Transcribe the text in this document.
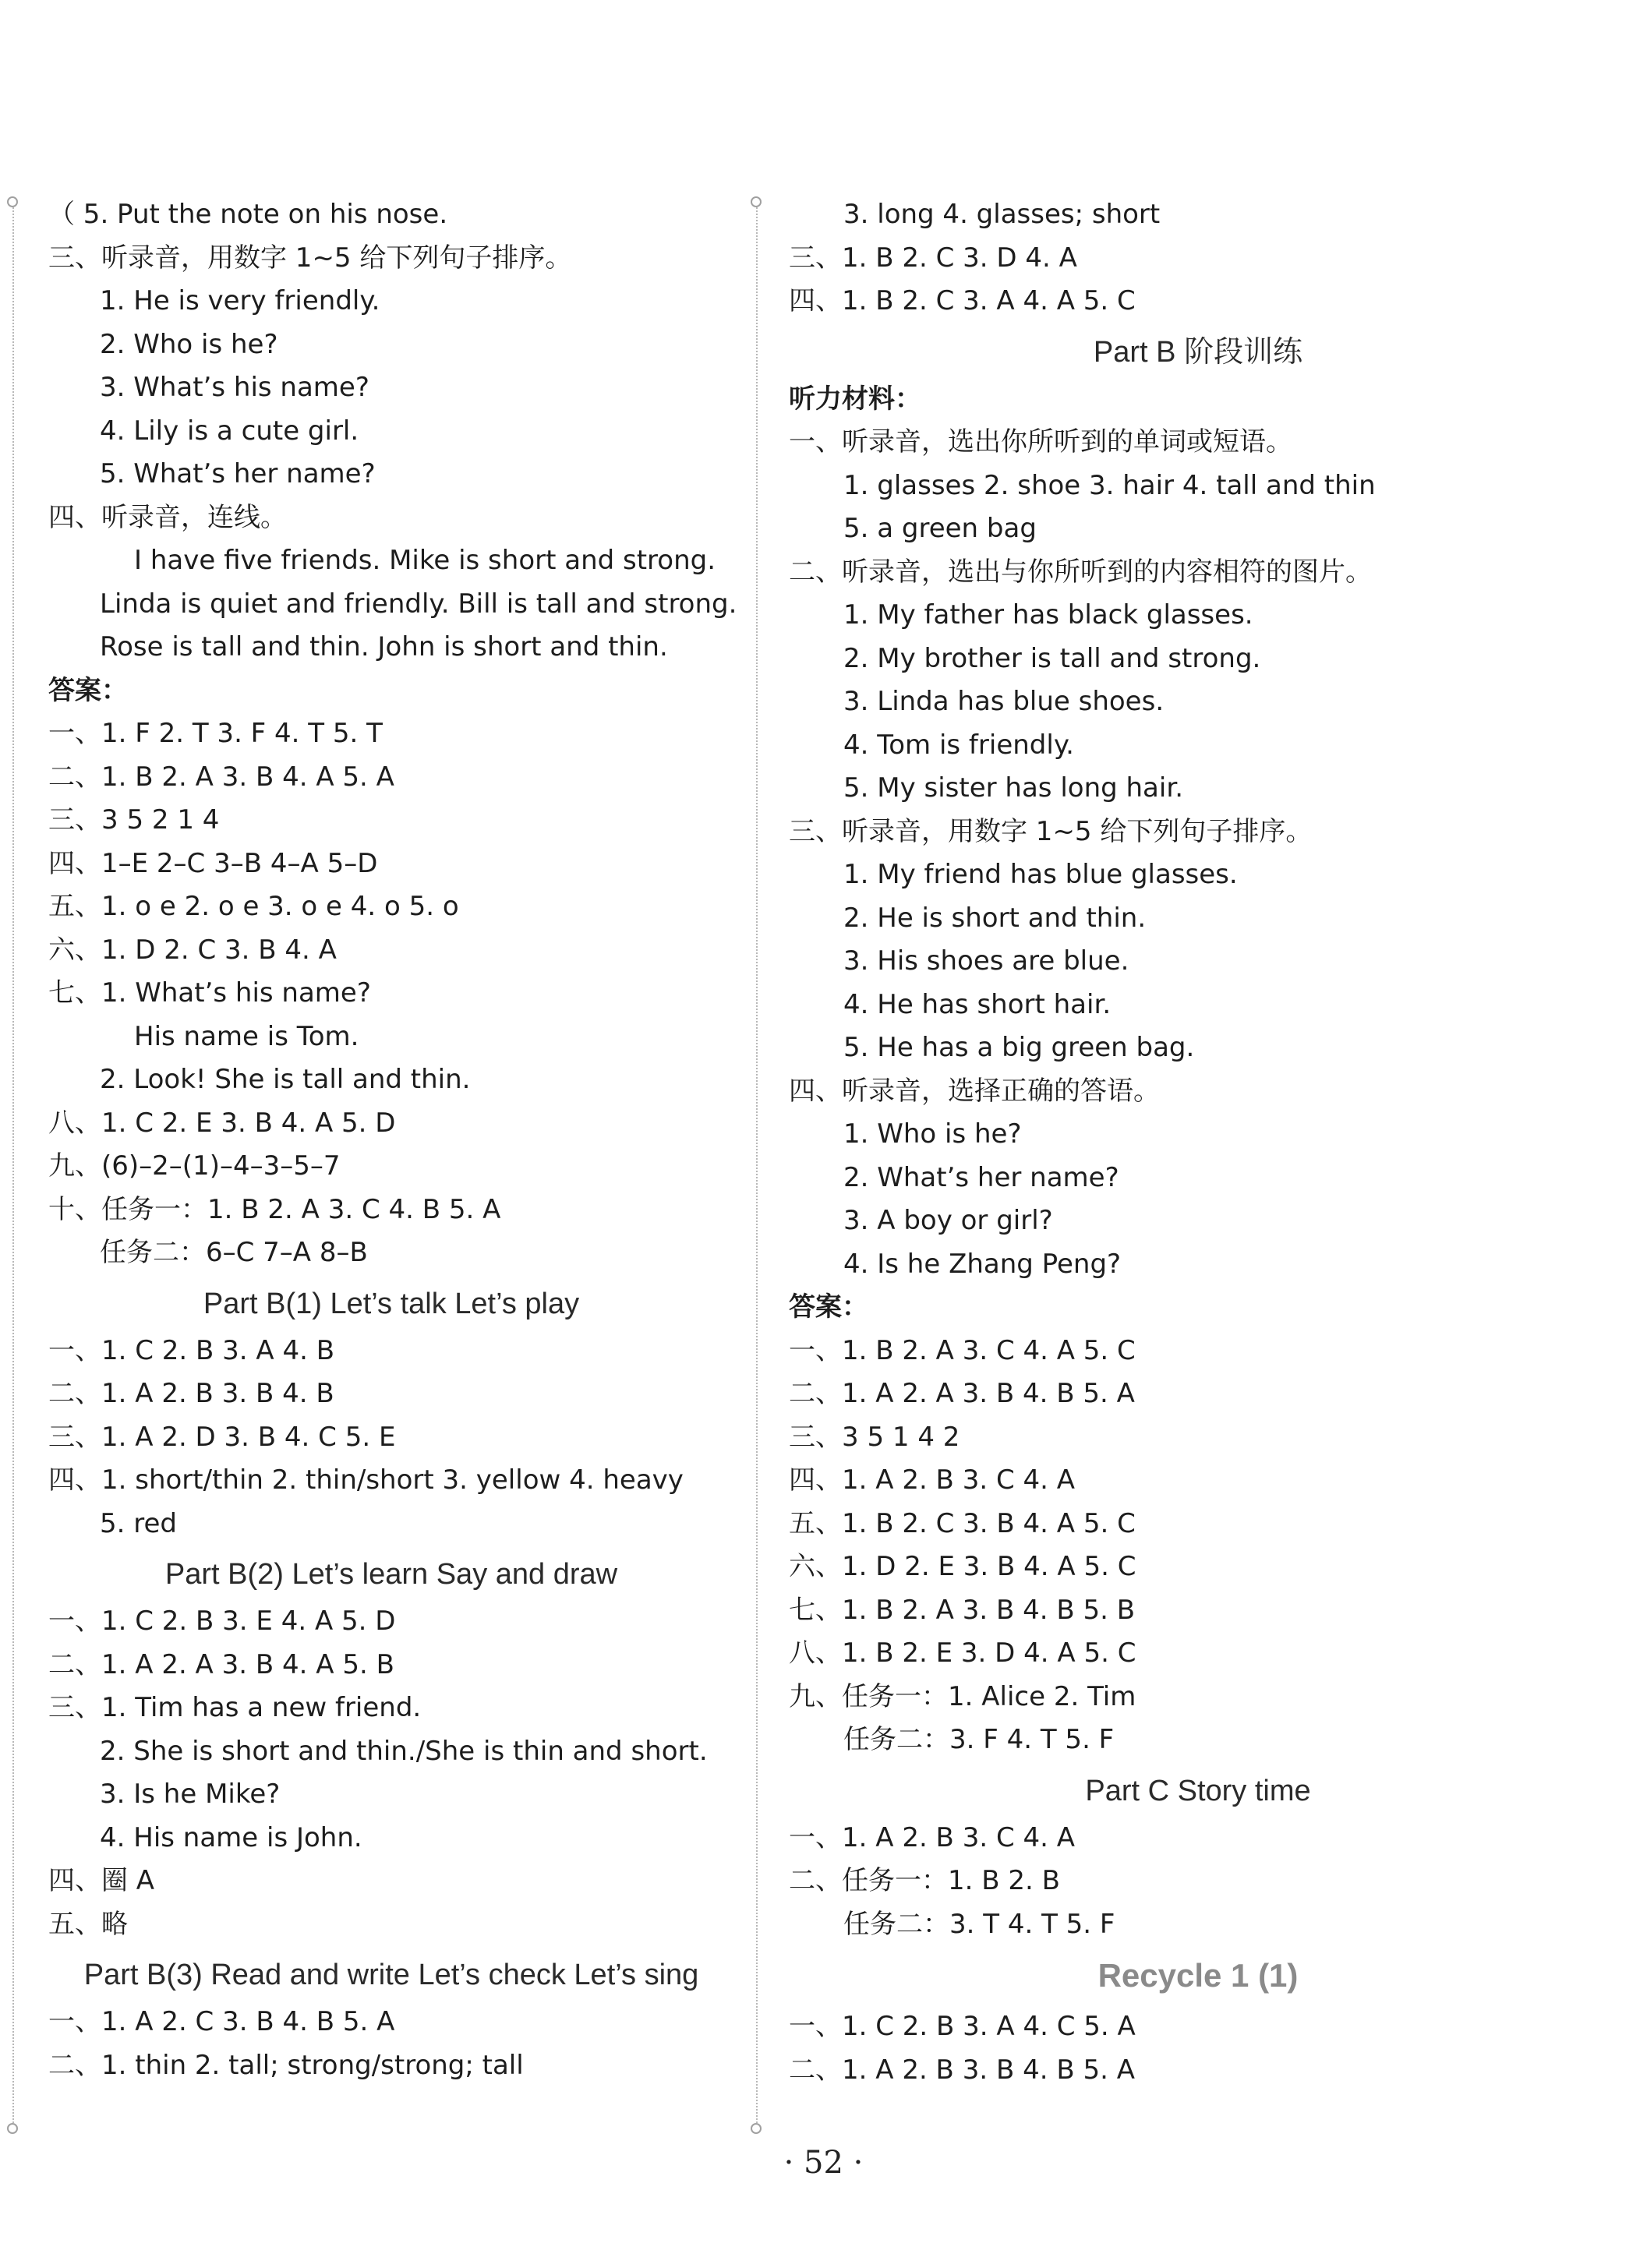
（ 5. Put the note on his nose.
三、听录音，用数字 1~5 给下列句子排序。
1. He is very friendly.
2. Who is he?
3. What’s his name?
4. Lily is a cute girl.
5. What’s her name?
四、听录音，连线。
I have five friends. Mike is short and strong.
Linda is quiet and friendly. Bill is tall and strong.
Rose is tall and thin. John is short and thin.
答案：
一、1. F 2. T 3. F 4. T 5. T
二、1. B 2. A 3. B 4. A 5. A
三、3 5 2 1 4
四、1–E 2–C 3–B 4–A 5–D
五、1. o e 2. o e 3. o e 4. o 5. o
六、1. D 2. C 3. B 4. A
七、1. What’s his name?
His name is Tom.
2. Look! She is tall and thin.
八、1. C 2. E 3. B 4. A 5. D
九、(6)–2–(1)–4–3–5–7
十、任务一：1. B 2. A 3. C 4. B 5. A
任务二：6–C 7–A 8–B
Part B(1) Let’s talk Let’s play
一、1. C 2. B 3. A 4. B
二、1. A 2. B 3. B 4. B
三、1. A 2. D 3. B 4. C 5. E
四、1. short/thin 2. thin/short 3. yellow 4. heavy
5. red
Part B(2) Let’s learn Say and draw
一、1. C 2. B 3. E 4. A 5. D
二、1. A 2. A 3. B 4. A 5. B
三、1. Tim has a new friend.
2. She is short and thin./She is thin and short.
3. Is he Mike?
4. His name is John.
四、圈 A
五、略
Part B(3) Read and write Let’s check Let’s sing
一、1. A 2. C 3. B 4. B 5. A
二、1. thin 2. tall; strong/strong; tall
3. long 4. glasses; short
三、1. B 2. C 3. D 4. A
四、1. B 2. C 3. A 4. A 5. C
Part B 阶段训练
听力材料：
一、听录音，选出你所听到的单词或短语。
1. glasses 2. shoe 3. hair 4. tall and thin
5. a green bag
二、听录音，选出与你所听到的内容相符的图片。
1. My father has black glasses.
2. My brother is tall and strong.
3. Linda has blue shoes.
4. Tom is friendly.
5. My sister has long hair.
三、听录音，用数字 1~5 给下列句子排序。
1. My friend has blue glasses.
2. He is short and thin.
3. His shoes are blue.
4. He has short hair.
5. He has a big green bag.
四、听录音，选择正确的答语。
1. Who is he?
2. What’s her name?
3. A boy or girl?
4. Is he Zhang Peng?
答案：
一、1. B 2. A 3. C 4. A 5. C
二、1. A 2. A 3. B 4. B 5. A
三、3 5 1 4 2
四、1. A 2. B 3. C 4. A
五、1. B 2. C 3. B 4. A 5. C
六、1. D 2. E 3. B 4. A 5. C
七、1. B 2. A 3. B 4. B 5. B
八、1. B 2. E 3. D 4. A 5. C
九、任务一：1. Alice 2. Tim
任务二：3. F 4. T 5. F
Part C Story time
一、1. A 2. B 3. C 4. A
二、任务一：1. B 2. B
任务二：3. T 4. T 5. F
Recycle 1 (1)
一、1. C 2. B 3. A 4. C 5. A
二、1. A 2. B 3. B 4. B 5. A
· 52 ·
